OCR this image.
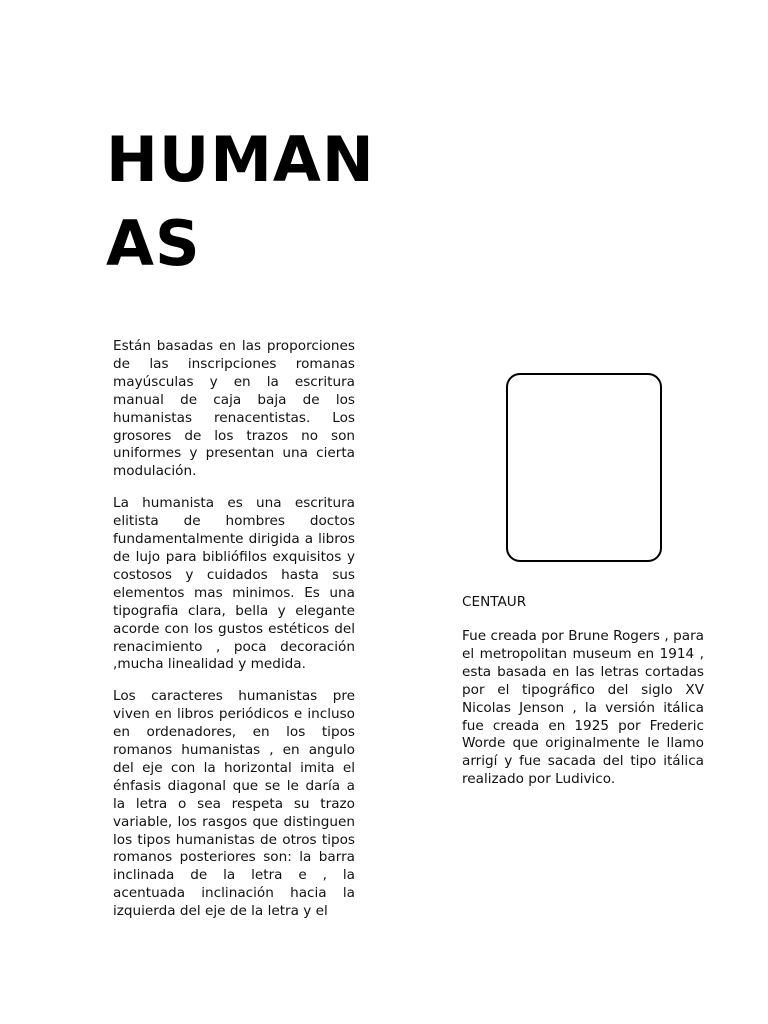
HUMAN
AS

Están basadas en las proporciones de las inscripciones romanas mayúsculas y en la escritura manual de caja baja de los humanistas renacentistas. Los grosores de los trazos no son uniformes y presentan una cierta modulación.

La humanista es una escritura elitista de hombres doctos fundamentalmente dirigida a libros de lujo para bibliófilos exquisitos y costosos y cuidados hasta sus elementos mas minimos. Es una tipografia clara, bella y elegante acorde con los gustos estéticos del renacimiento , poca decoración ,mucha linealidad y medida.

Los caracteres humanistas pre viven en libros periódicos e incluso en ordenadores, en los tipos romanos humanistas , en angulo del eje con la horizontal imita el énfasis diagonal que se le daría a la letra o sea respeta su trazo variable, los rasgos que distinguen los tipos humanistas de otros tipos romanos posteriores son: la barra inclinada de la letra e , la acentuada inclinación hacia la izquierda del eje de la letra y el

CENTAUR

Fue creada por Brune Rogers , para el metropolitan museum en 1914 , esta basada en las letras cortadas por el tipográfico del siglo XV Nicolas Jenson , la versión itálica fue creada en 1925 por Frederic Worde que originalmente le llamo arrigí y fue sacada del tipo itálica realizado por Ludivico.
